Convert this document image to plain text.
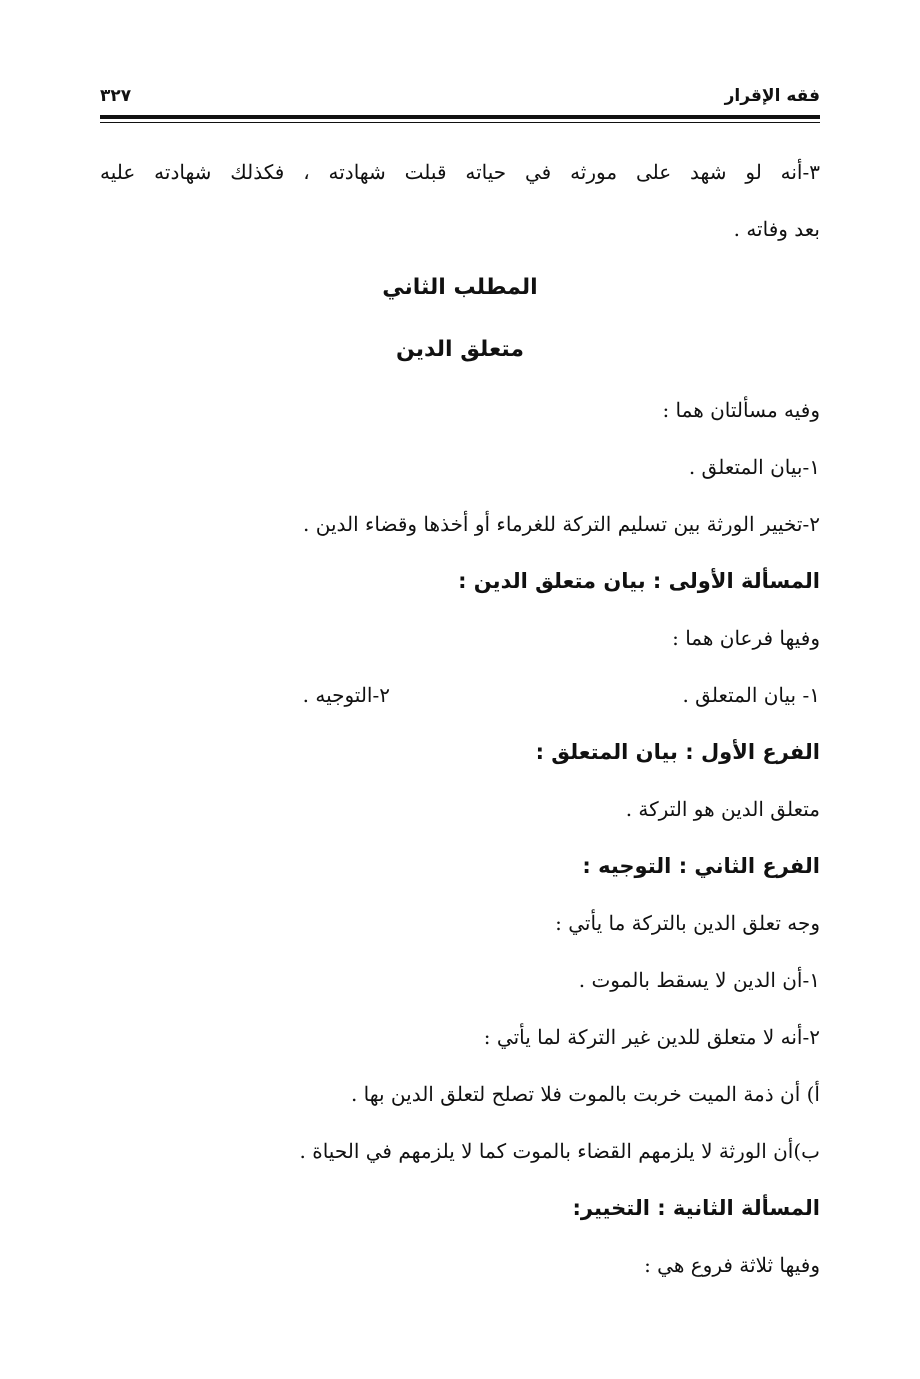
فقه الإقرار
٣٢٧
٣-أنه لو شهد على مورثه في حياته قبلت شهادته ، فكذلك شهادته عليه
بعد وفاته .
المطلب الثاني
متعلق الدين
وفيه مسألتان هما :
١-بيان المتعلق .
٢-تخيير الورثة بين تسليم التركة للغرماء أو أخذها وقضاء الدين .
المسألة الأولى : بيان متعلق الدين :
وفيها فرعان هما :
١- بيان المتعلق .
٢-التوجيه .
الفرع الأول : بيان المتعلق :
متعلق الدين هو التركة .
الفرع الثاني : التوجيه :
وجه تعلق الدين بالتركة ما يأتي :
١-أن الدين لا يسقط بالموت .
٢-أنه لا متعلق للدين غير التركة لما يأتي :
أ) أن ذمة الميت خربت بالموت فلا تصلح لتعلق الدين بها .
ب)أن الورثة لا يلزمهم القضاء بالموت كما لا يلزمهم في الحياة .
المسألة الثانية : التخيير:
وفيها ثلاثة فروع هي :
